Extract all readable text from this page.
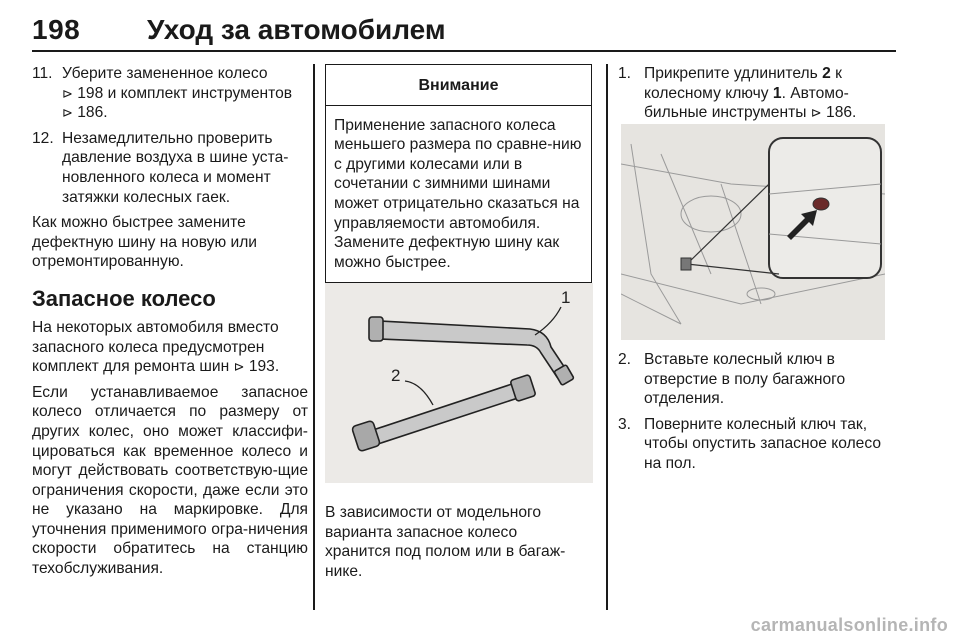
198 Уход за автомобилем
11. Уберите замененное колесо
⊳ 198 и комплект инструментов
⊳ 186.
12. Незамедлительно проверить давление воздуха в шине уста-новленного колеса и момент затяжки колесных гаек.

Как можно быстрее замените дефектную шину на новую или отремонтированную.

Запасное колесо

На некоторых автомобиля вместо запасного колеса предусмотрен комплект для ремонта шин ⊳ 193.

Если устанавливаемое запасное колесо отличается по размеру от других колес, оно может классифи-цироваться как временное колесо и могут действовать соответствую-щие ограничения скорости, даже если это не указано на маркировке. Для уточнения применимого огра-ничения скорости обратитесь на станцию техобслуживания.

Внимание
Применение запасного колеса меньшего размера по сравне-нию с другими колесами или в сочетании с зимними шинами может отрицательно сказаться на управляемости автомобиля. Замените дефектную шину как можно быстрее.
1
2
В зависимости от модельного варианта запасное колесо хранится под полом или в багаж-нике.
1. Прикрепите удлинитель 2 к колесному ключу 1. Автомо-бильные инструменты ⊳ 186.
2. Вставьте колесный ключ в отверстие в полу багажного отделения.
3. Поверните колесный ключ так, чтобы опустить запасное колесо на пол.
carmanualsonline.info
